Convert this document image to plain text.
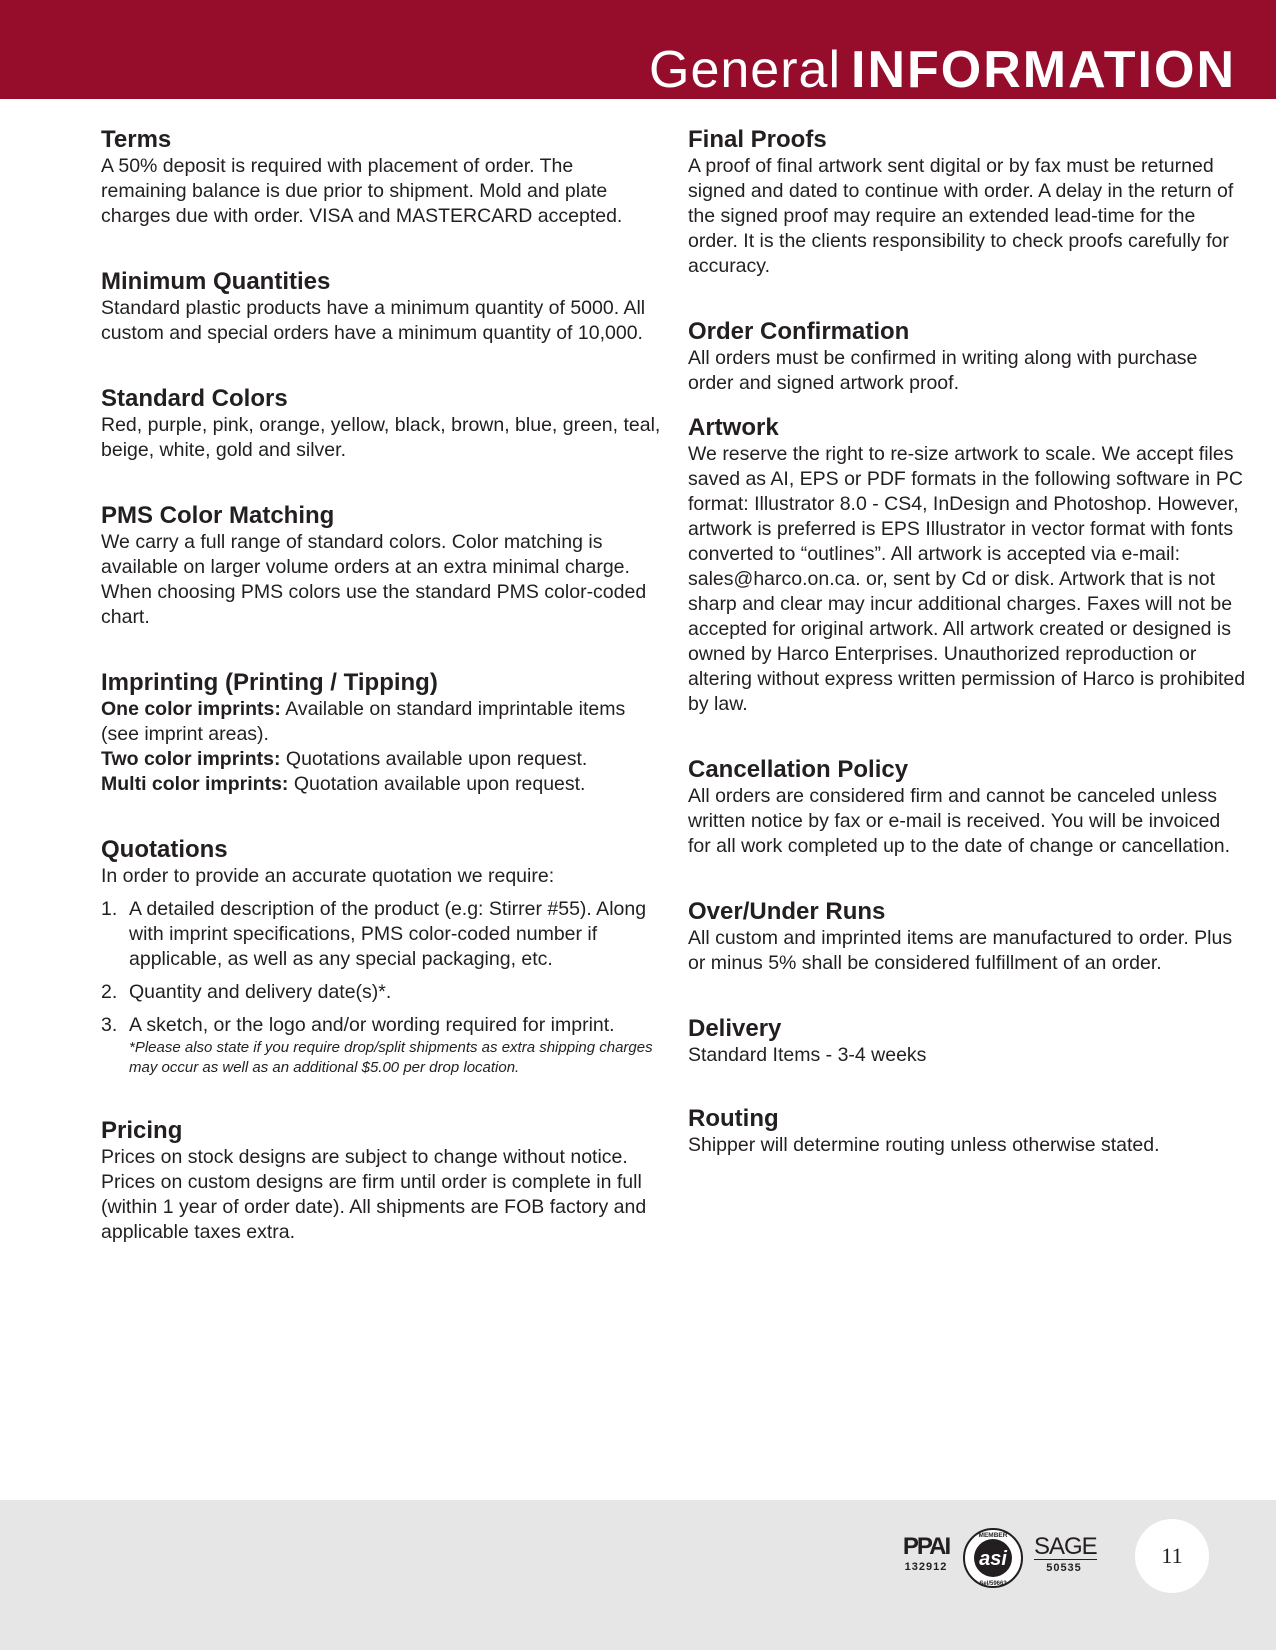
General INFORMATION
Terms

A 50% deposit is required with placement of order. The remaining balance is due prior to shipment. Mold and plate charges due with order. VISA and MASTERCARD accepted.

Minimum Quantities

Standard plastic products have a minimum quantity of 5000. All custom and special orders have a minimum quantity of 10,000.

Standard Colors

Red, purple, pink, orange, yellow, black, brown, blue, green, teal, beige, white, gold and silver.

PMS Color Matching

We carry a full range of standard colors. Color matching is available on larger volume orders at an extra minimal charge. When choosing PMS colors use the standard PMS color-coded chart.

Imprinting (Printing / Tipping)

One color imprints: Available on standard imprintable items (see imprint areas).

Two color imprints: Quotations available upon request.

Multi color imprints: Quotation available upon request.

Quotations

In order to provide an accurate quotation we require:

1. A detailed description of the product (e.g: Stirrer #55). Along with imprint specifications, PMS color-coded number if applicable, as well as any special packaging, etc.
2. Quantity and delivery date(s)*.
3. A sketch, or the logo and/or wording required for imprint.
*Please also state if you require drop/split shipments as extra shipping charges may occur as well as an additional $5.00 per drop location.
Pricing

Prices on stock designs are subject to change without notice. Prices on custom designs are firm until order is complete in full (within 1 year of order date). All shipments are FOB factory and applicable taxes extra.

Final Proofs

A proof of final artwork sent digital or by fax must be returned signed and dated to continue with order. A delay in the return of the signed proof may require an extended lead-time for the order. It is the clients responsibility to check proofs carefully for accuracy.

Order Confirmation

All orders must be confirmed in writing along with purchase order and signed artwork proof.

Artwork

We reserve the right to re-size artwork to scale. We accept files saved as AI, EPS or PDF formats in the following software in PC format: Illustrator 8.0 - CS4, InDesign and Photoshop. However, artwork is preferred is EPS Illustrator in vector format with fonts converted to “outlines”. All artwork is accepted via e-mail: sales@harco.on.ca. or, sent by Cd or disk. Artwork that is not sharp and clear may incur additional charges. Faxes will not be accepted for original artwork. All artwork created or designed is owned by Harco Enterprises. Unauthorized reproduction or altering without express written permission of Harco is prohibited by law.

Cancellation Policy

All orders are considered firm and cannot be canceled unless written notice by fax or e-mail is received. You will be invoiced for all work completed up to the date of change or cancellation.

Over/Under Runs

All custom and imprinted items are manufactured to order. Plus or minus 5% shall be considered fulfillment of an order.

Delivery

Standard Items - 3-4 weeks

Routing

Shipper will determine routing unless otherwise stated.

PPAI
132912	asi
MEMBER
Sel/59663
SAGE
50535	11
